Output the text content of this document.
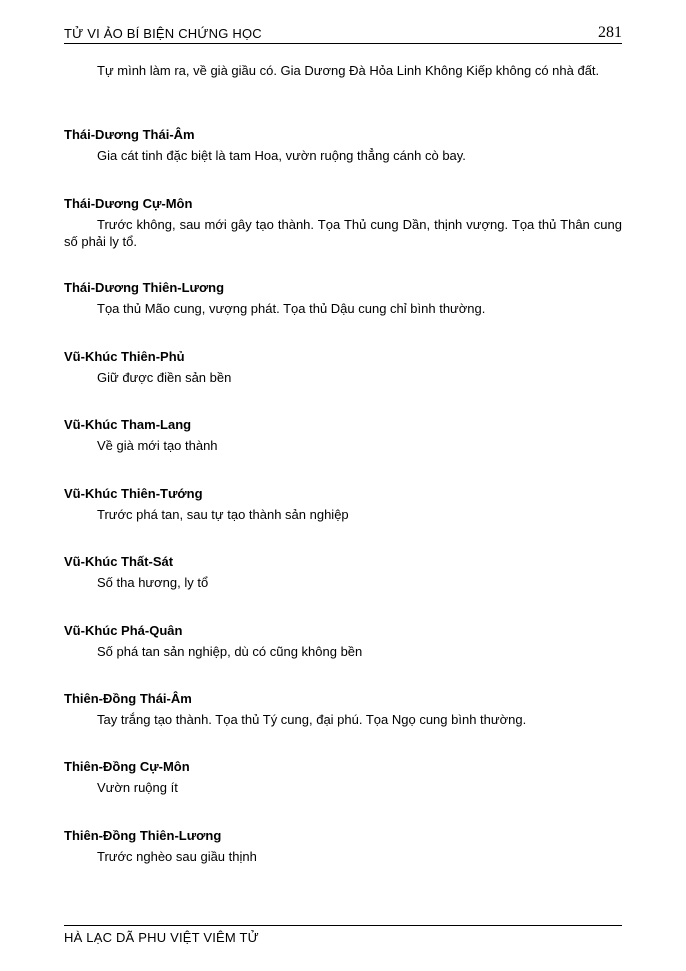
TỬ VI ẢO BÍ BIỆN CHỨNG HỌC	281

Tự mình làm ra, về già giầu có. Gia Dương Đà Hỏa Linh Không Kiếp không có nhà đất.

Thái-Dương Thái-Âm

Gia cát tinh đặc biệt là tam Hoa, vườn ruộng thẳng cánh cò bay.

Thái-Dương Cự-Môn

Trước không, sau mới gây tạo thành. Tọa Thủ cung Dần, thịnh vượng. Tọa thủ Thân cung số phải ly tổ.

Thái-Dương Thiên-Lương

Tọa thủ Mão cung, vượng phát. Tọa thủ Dậu cung chỉ bình thường.

Vũ-Khúc Thiên-Phủ

Giữ được điền sản bền

Vũ-Khúc Tham-Lang

Về già mới tạo thành

Vũ-Khúc Thiên-Tướng

Trước phá tan, sau tự tạo thành sản nghiệp

Vũ-Khúc Thất-Sát

Số tha hương, ly tổ

Vũ-Khúc Phá-Quân

Số phá tan sản nghiệp, dù có cũng không bền

Thiên-Đồng Thái-Âm

Tay trắng tạo thành. Tọa thủ Tý cung, đại phú. Tọa Ngọ cung bình thường.

Thiên-Đồng Cự-Môn

Vườn ruộng ít

Thiên-Đồng Thiên-Lương

Trước nghèo sau giầu thịnh

HÀ LẠC DÃ PHU VIỆT VIÊM TỬ
